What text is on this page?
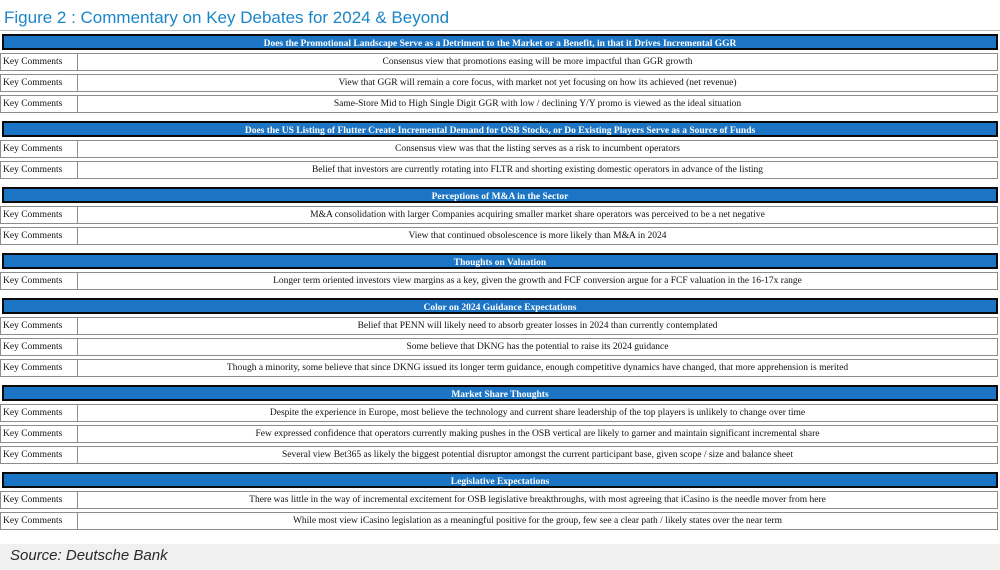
Figure 2 : Commentary on Key Debates for 2024 & Beyond
Does the Promotional Landscape Serve as a Detriment to the Market or a Benefit, in that it Drives Incremental GGR
Key Comments	Consensus view that promotions easing will be more impactful than GGR growth
Key Comments	View that GGR will remain a core focus, with market not yet focusing on how its achieved (net revenue)
Key Comments	Same-Store Mid to High Single Digit GGR with low / declining Y/Y promo is viewed as the ideal situation
Does the US Listing of Flutter Create Incremental Demand for OSB Stocks, or Do Existing Players Serve as a Source of Funds
Key Comments	Consensus view was that the listing serves as a risk to incumbent operators
Key Comments	Belief that investors are currently rotating into FLTR and shorting existing domestic operators in advance of the listing
Perceptions of M&A in the Sector
Key Comments	M&A consolidation with larger Companies acquiring smaller market share operators was perceived to be a net negative
Key Comments	View that continued obsolescence is more likely than M&A in 2024
Thoughts on Valuation
Key Comments	Longer term oriented investors view margins as a key, given the growth and FCF conversion argue for a FCF valuation in the 16-17x range
Color on 2024 Guidance Expectations
Key Comments	Belief that PENN will likely need to absorb greater losses in 2024 than currently contemplated
Key Comments	Some believe that DKNG has the potential to raise its 2024 guidance
Key Comments	Though a minority, some believe that since DKNG issued its longer term guidance, enough competitive dynamics have changed, that more apprehension is merited
Market Share Thoughts
Key Comments	Despite the experience in Europe, most believe the technology and current share leadership of the top players is unlikely to change over time
Key Comments	Few expressed confidence that operators currently making pushes in the OSB vertical are likely to garner and maintain significant incremental share
Key Comments	Several view Bet365 as likely the biggest potential disruptor amongst the current participant base, given scope / size and balance sheet
Legislative Expectations
Key Comments	There was little in the way of incremental excitement for OSB legislative breakthroughs, with most agreeing that iCasino is the needle mover from here
Key Comments	While most view iCasino legislation as a meaningful positive for the group, few see a clear path / likely states over the near term
Source: Deutsche Bank
